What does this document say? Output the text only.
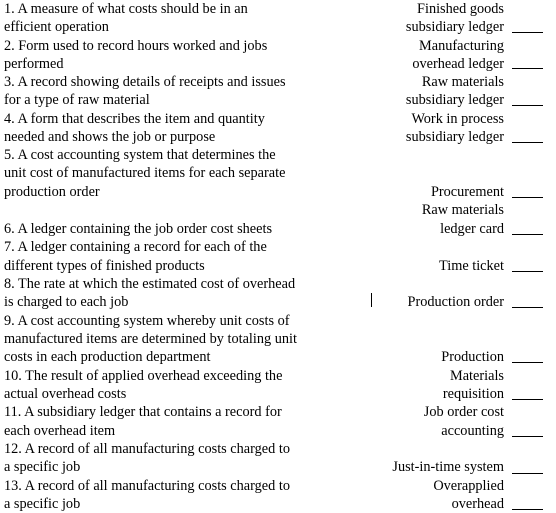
1. A measure of what costs should be in an
efficient operation
2. Form used to record hours worked and jobs
performed
3. A record showing details of receipts and issues
for a type of raw material
4. A form that describes the item and quantity
needed and shows the job or purpose
5. A cost accounting system that determines the
unit cost of manufactured items for each separate
production order
6. A ledger containing the job order cost sheets
7. A ledger containing a record for each of the
different types of finished products
8. The rate at which the estimated cost of overhead
is charged to each job
9. A cost accounting system whereby unit costs of
manufactured items are determined by totaling unit
costs in each production department
10. The result of applied overhead exceeding the
actual overhead costs
11. A subsidiary ledger that contains a record for
each overhead item
12. A record of all manufacturing costs charged to
a specific job
13. A record of all manufacturing costs charged to
a specific job
Finished goods
subsidiary ledger
Manufacturing
overhead ledger
Raw materials
subsidiary ledger
Work in process
subsidiary ledger
Procurement
Raw materials
ledger card
Time ticket
Production order
Production
Materials
requisition
Job order cost
accounting
Just-in-time system
Overapplied
overhead
